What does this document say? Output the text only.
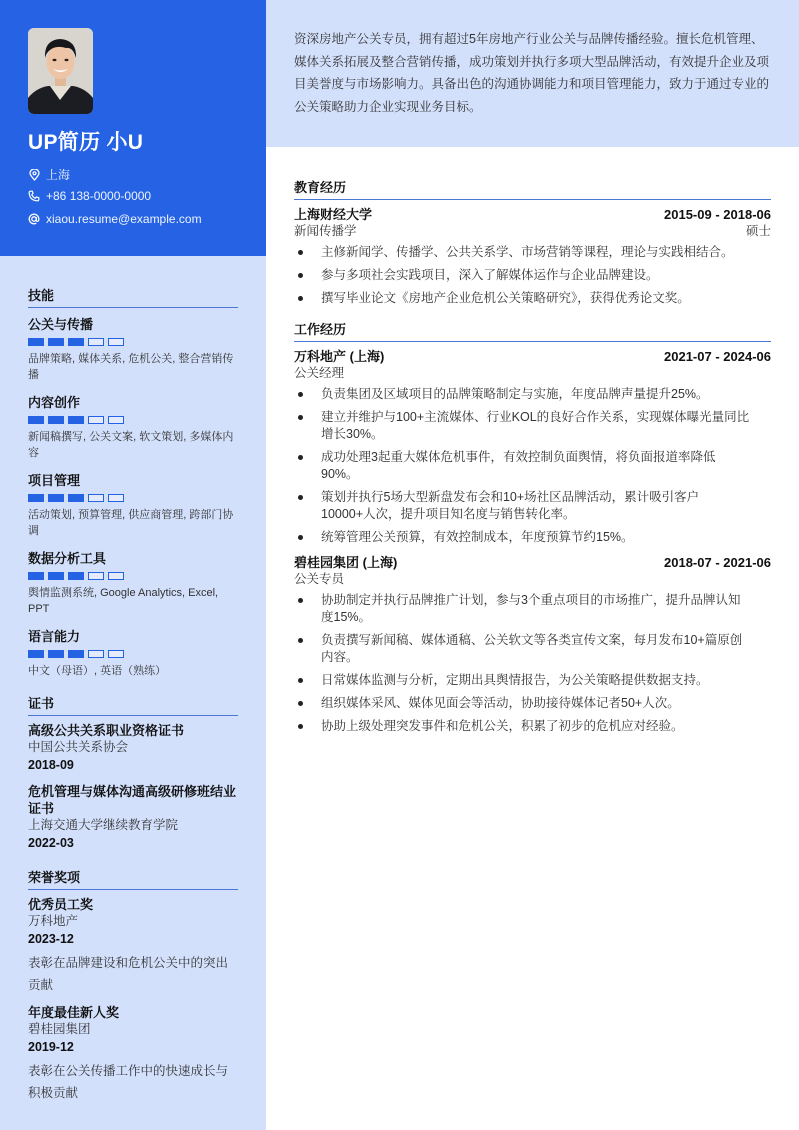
UP简历 小U
上海
+86 138-0000-0000
xiaou.resume@example.com
技能
公关与传播
品牌策略, 媒体关系, 危机公关, 整合营销传播
内容创作
新闻稿撰写, 公关文案, 软文策划, 多媒体内容
项目管理
活动策划, 预算管理, 供应商管理, 跨部门协调
数据分析工具
舆情监测系统, Google Analytics, Excel, PPT
语言能力
中文（母语）, 英语（熟练）
证书
高级公共关系职业资格证书
中国公共关系协会
2018-09
危机管理与媒体沟通高级研修班结业证书
上海交通大学继续教育学院
2022-03
荣誉奖项
优秀员工奖
万科地产
2023-12
表彰在品牌建设和危机公关中的突出贡献
年度最佳新人奖
碧桂园集团
2019-12
表彰在公关传播工作中的快速成长与积极贡献

资深房地产公关专员，拥有超过5年房地产行业公关与品牌传播经验。擅长危机管理、媒体关系拓展及整合营销传播，成功策划并执行多项大型品牌活动，有效提升企业及项目美誉度与市场影响力。具备出色的沟通协调能力和项目管理能力，致力于通过专业的公关策略助力企业实现业务目标。

教育经历
上海财经大学	2015-09 - 2018-06
新闻传播学	硕士
主修新闻学、传播学、公共关系学、市场营销等课程，理论与实践相结合。
参与多项社会实践项目，深入了解媒体运作与企业品牌建设。
撰写毕业论文《房地产企业危机公关策略研究》，获得优秀论文奖。
工作经历
万科地产 (上海)	2021-07 - 2024-06
公关经理
负责集团及区域项目的品牌策略制定与实施，年度品牌声量提升25%。
建立并维护与100+主流媒体、行业KOL的良好合作关系，实现媒体曝光量同比增长30%。
成功处理3起重大媒体危机事件，有效控制负面舆情，将负面报道率降低90%。
策划并执行5场大型新盘发布会和10+场社区品牌活动，累计吸引客户10000+人次，提升项目知名度与销售转化率。
统筹管理公关预算，有效控制成本，年度预算节约15%。
碧桂园集团 (上海)	2018-07 - 2021-06
公关专员
协助制定并执行品牌推广计划，参与3个重点项目的市场推广，提升品牌认知度15%。
负责撰写新闻稿、媒体通稿、公关软文等各类宣传文案，每月发布10+篇原创内容。
日常媒体监测与分析，定期出具舆情报告，为公关策略提供数据支持。
组织媒体采风、媒体见面会等活动，协助接待媒体记者50+人次。
协助上级处理突发事件和危机公关，积累了初步的危机应对经验。
